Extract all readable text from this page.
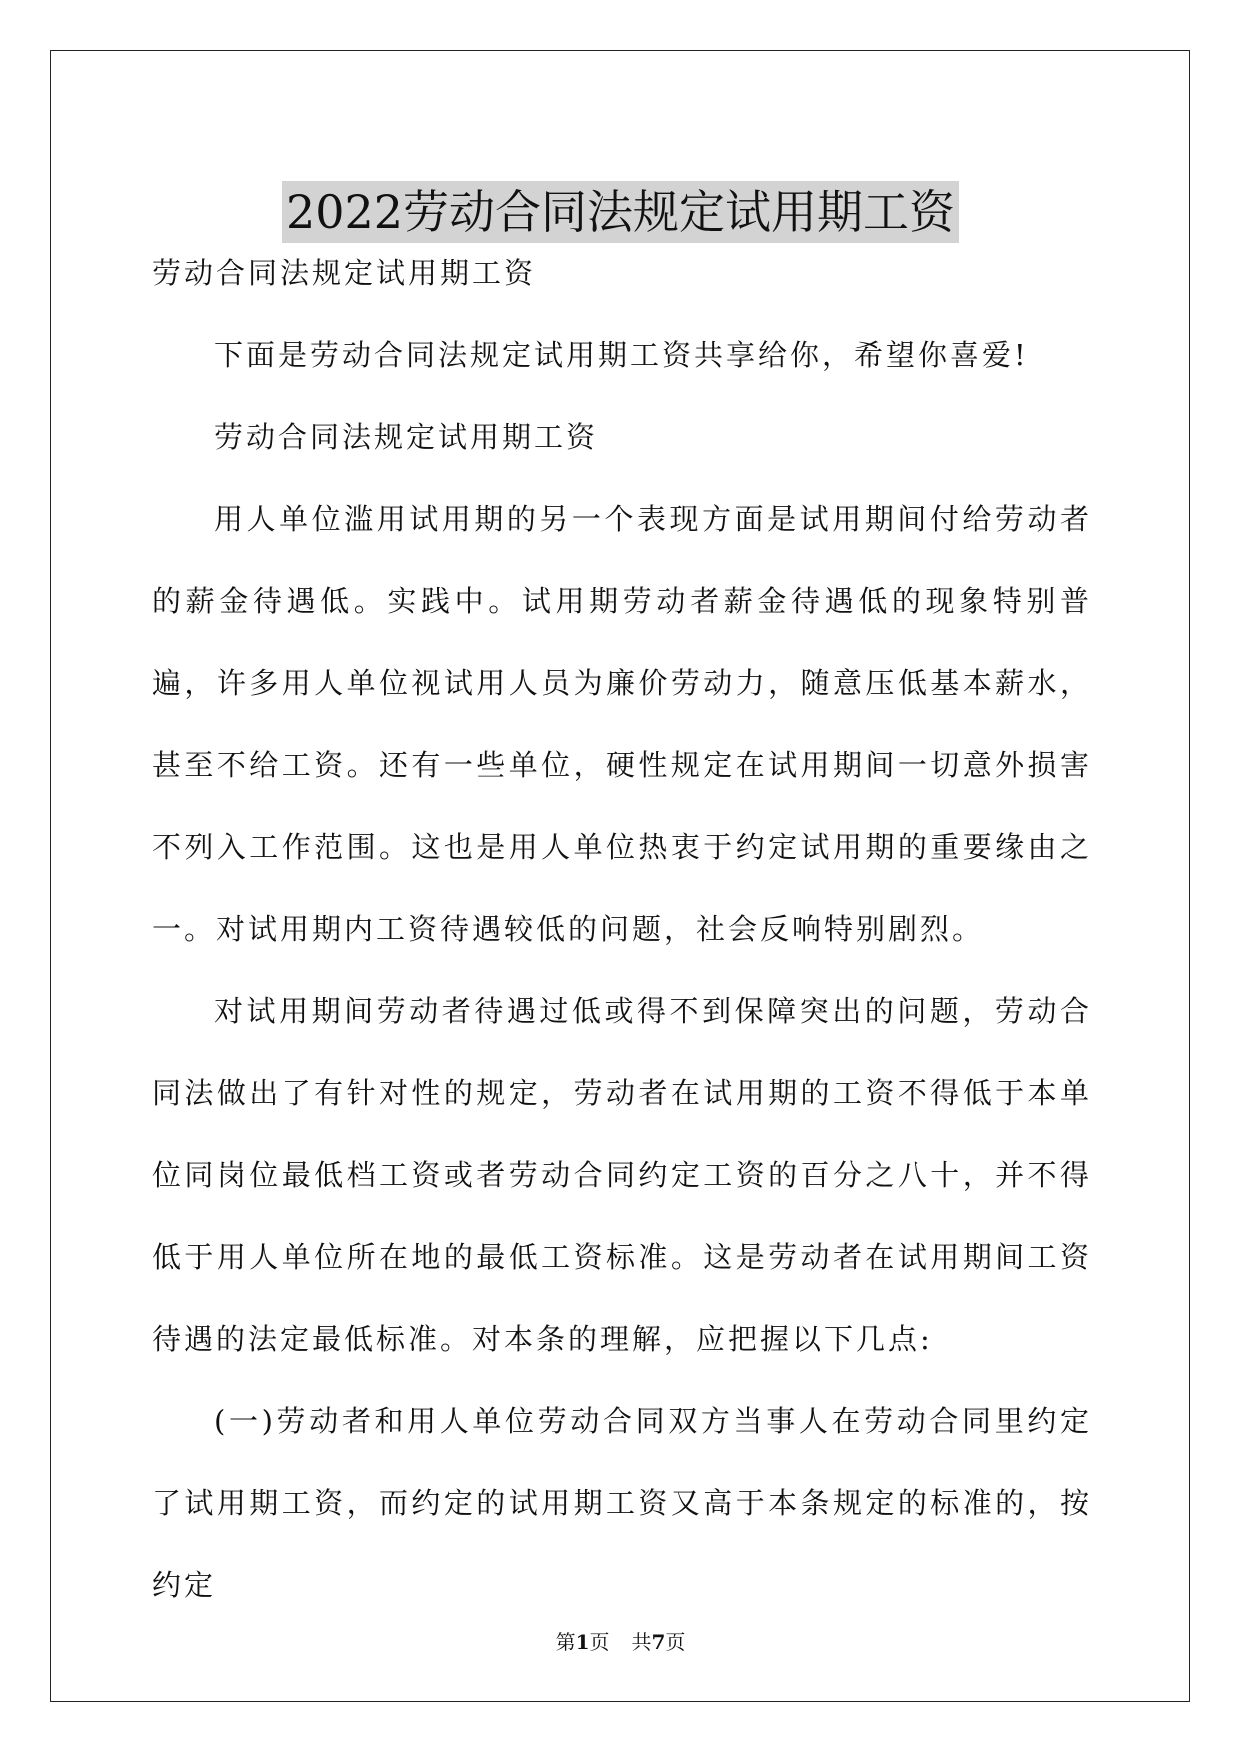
2022劳动合同法规定试用期工资

劳动合同法规定试用期工资

下面是劳动合同法规定试用期工资共享给你，希望你喜爱!

劳动合同法规定试用期工资

用人单位滥用试用期的另一个表现方面是试用期间付给劳动者的薪金待遇低。实践中。试用期劳动者薪金待遇低的现象特别普遍，许多用人单位视试用人员为廉价劳动力，随意压低基本薪水，甚至不给工资。还有一些单位，硬性规定在试用期间一切意外损害不列入工作范围。这也是用人单位热衷于约定试用期的重要缘由之一。对试用期内工资待遇较低的问题，社会反响特别剧烈。

对试用期间劳动者待遇过低或得不到保障突出的问题，劳动合同法做出了有针对性的规定，劳动者在试用期的工资不得低于本单位同岗位最低档工资或者劳动合同约定工资的百分之八十，并不得低于用人单位所在地的最低工资标准。这是劳动者在试用期间工资待遇的法定最低标准。对本条的理解，应把握以下几点:

(一)劳动者和用人单位劳动合同双方当事人在劳动合同里约定了试用期工资，而约定的试用期工资又高于本条规定的标准的，按约定

第1页 共7页
